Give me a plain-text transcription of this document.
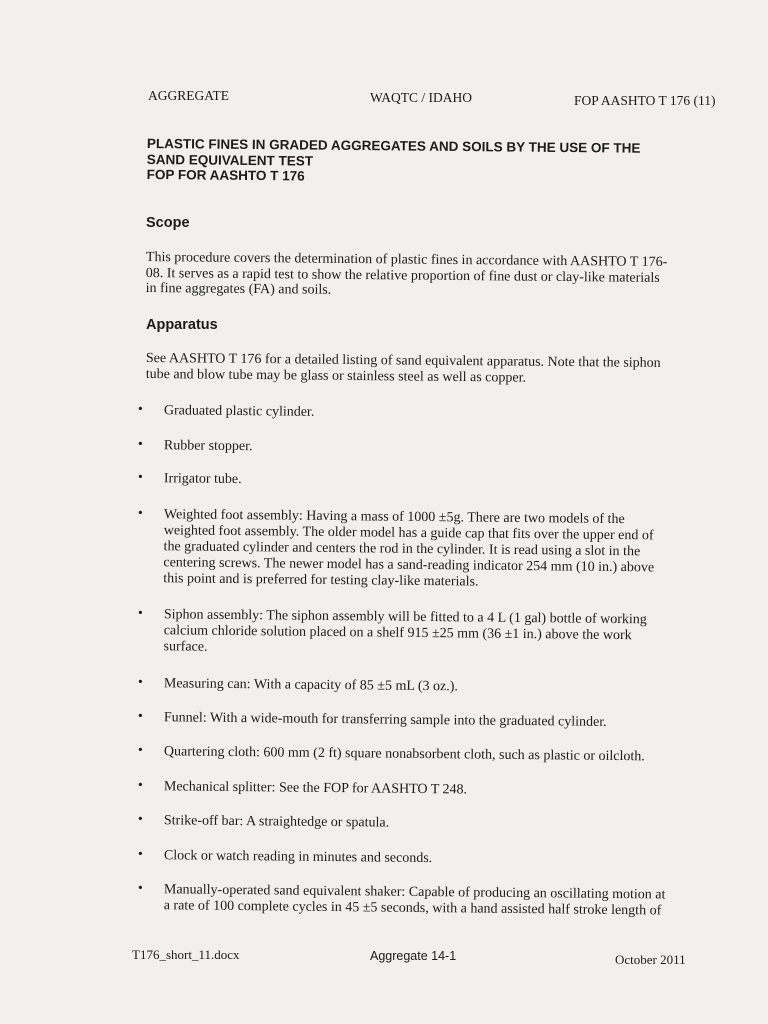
AGGREGATE	WAQTC / IDAHO	FOP AASHTO T 176 (11)
PLASTIC FINES IN GRADED AGGREGATES AND SOILS BY THE USE OF THE
SAND EQUIVALENT TEST
FOP FOR AASHTO T 176
Scope
This procedure covers the determination of plastic fines in accordance with AASHTO T 176-
08. It serves as a rapid test to show the relative proportion of fine dust or clay-like materials
in fine aggregates (FA) and soils.
Apparatus
See AASHTO T 176 for a detailed listing of sand equivalent apparatus. Note that the siphon
tube and blow tube may be glass or stainless steel as well as copper.
• Graduated plastic cylinder.
• Rubber stopper.
• Irrigator tube.
• Weighted foot assembly: Having a mass of 1000 ±5g. There are two models of the
weighted foot assembly. The older model has a guide cap that fits over the upper end of
the graduated cylinder and centers the rod in the cylinder. It is read using a slot in the
centering screws. The newer model has a sand-reading indicator 254 mm (10 in.) above
this point and is preferred for testing clay-like materials.
• Siphon assembly: The siphon assembly will be fitted to a 4 L (1 gal) bottle of working
calcium chloride solution placed on a shelf 915 ±25 mm (36 ±1 in.) above the work
surface.
• Measuring can: With a capacity of 85 ±5 mL (3 oz.).
• Funnel: With a wide-mouth for transferring sample into the graduated cylinder.
• Quartering cloth: 600 mm (2 ft) square nonabsorbent cloth, such as plastic or oilcloth.
• Mechanical splitter: See the FOP for AASHTO T 248.
• Strike-off bar: A straightedge or spatula.
• Clock or watch reading in minutes and seconds.
• Manually-operated sand equivalent shaker: Capable of producing an oscillating motion at
a rate of 100 complete cycles in 45 ±5 seconds, with a hand assisted half stroke length of
T176_short_11.docx	Aggregate 14-1	October 2011
